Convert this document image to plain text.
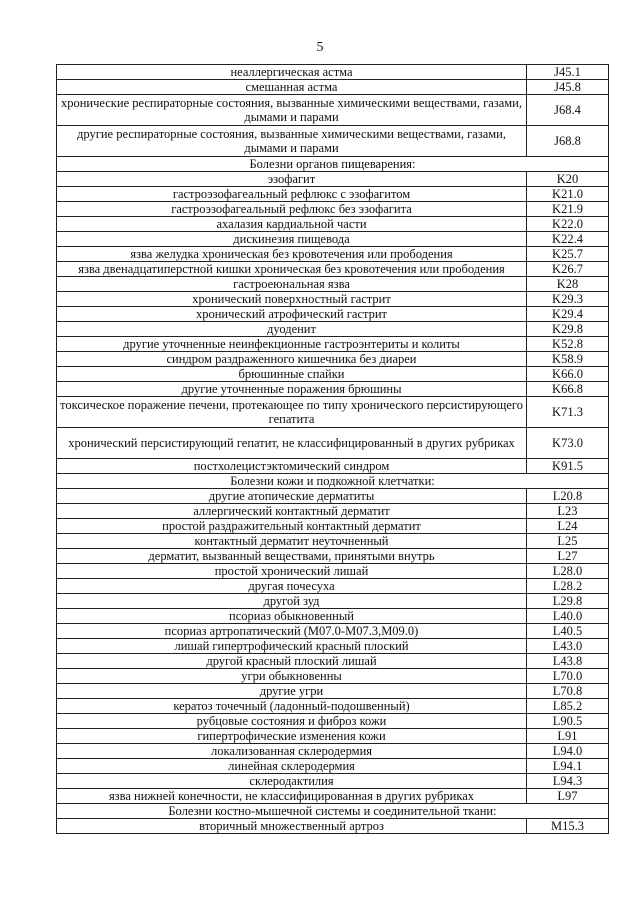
5
неаллергическая астма	J45.1
смешанная астма	J45.8
хронические респираторные состояния, вызванные химическими веществами, газами, дымами и парами	J68.4
другие респираторные состояния, вызванные химическими веществами, газами, дымами и парами	J68.8
Болезни органов пищеварения:	
эзофагит	K20
гастроэзофагеальный рефлюкс с эзофагитом	K21.0
гастроэзофагеальный рефлюкс без эзофагита	K21.9
ахалазия кардиальной части	K22.0
дискинезия пищевода	K22.4
язва желудка хроническая без кровотечения или прободения	K25.7
язва двенадцатиперстной кишки хроническая без кровотечения или прободения	K26.7
гастроеюнальная язва	K28
хронический поверхностный гастрит	K29.3
хронический атрофический гастрит	K29.4
дуоденит	K29.8
другие уточненные неинфекционные гастроэнтериты и колиты	K52.8
синдром раздраженного кишечника без диареи	K58.9
брюшинные спайки	K66.0
другие уточненные поражения брюшины	K66.8
токсическое поражение печени, протекающее по типу хронического персистирующего гепатита	K71.3
хронический персистирующий гепатит, не классифицированный в других рубриках	K73.0
постхолецистэктомический синдром	K91.5
Болезни кожи и подкожной клетчатки:	
другие атопические дерматиты	L20.8
аллергический контактный дерматит	L23
простой раздражительный контактный дерматит	L24
контактный дерматит неуточненный	L25
дерматит, вызванный веществами, принятыми внутрь	L27
простой хронический лишай	L28.0
другая почесуха	L28.2
другой зуд	L29.8
псориаз обыкновенный	L40.0
псориаз артропатический (M07.0-M07.3,M09.0)	L40.5
лишай гипертрофический красный плоский	L43.0
другой красный плоский лишай	L43.8
угри обыкновенны	L70.0
другие угри	L70.8
кератоз точечный (ладонный-подошвенный)	L85.2
рубцовые состояния и фиброз кожи	L90.5
гипертрофические изменения кожи	L91
локализованная склеродермия	L94.0
линейная склеродермия	L94.1
склеродактилия	L94.3
язва нижней конечности, не классифицированная в других рубриках	L97
Болезни костно-мышечной системы и соединительной ткани:	
вторичный множественный артроз	M15.3
